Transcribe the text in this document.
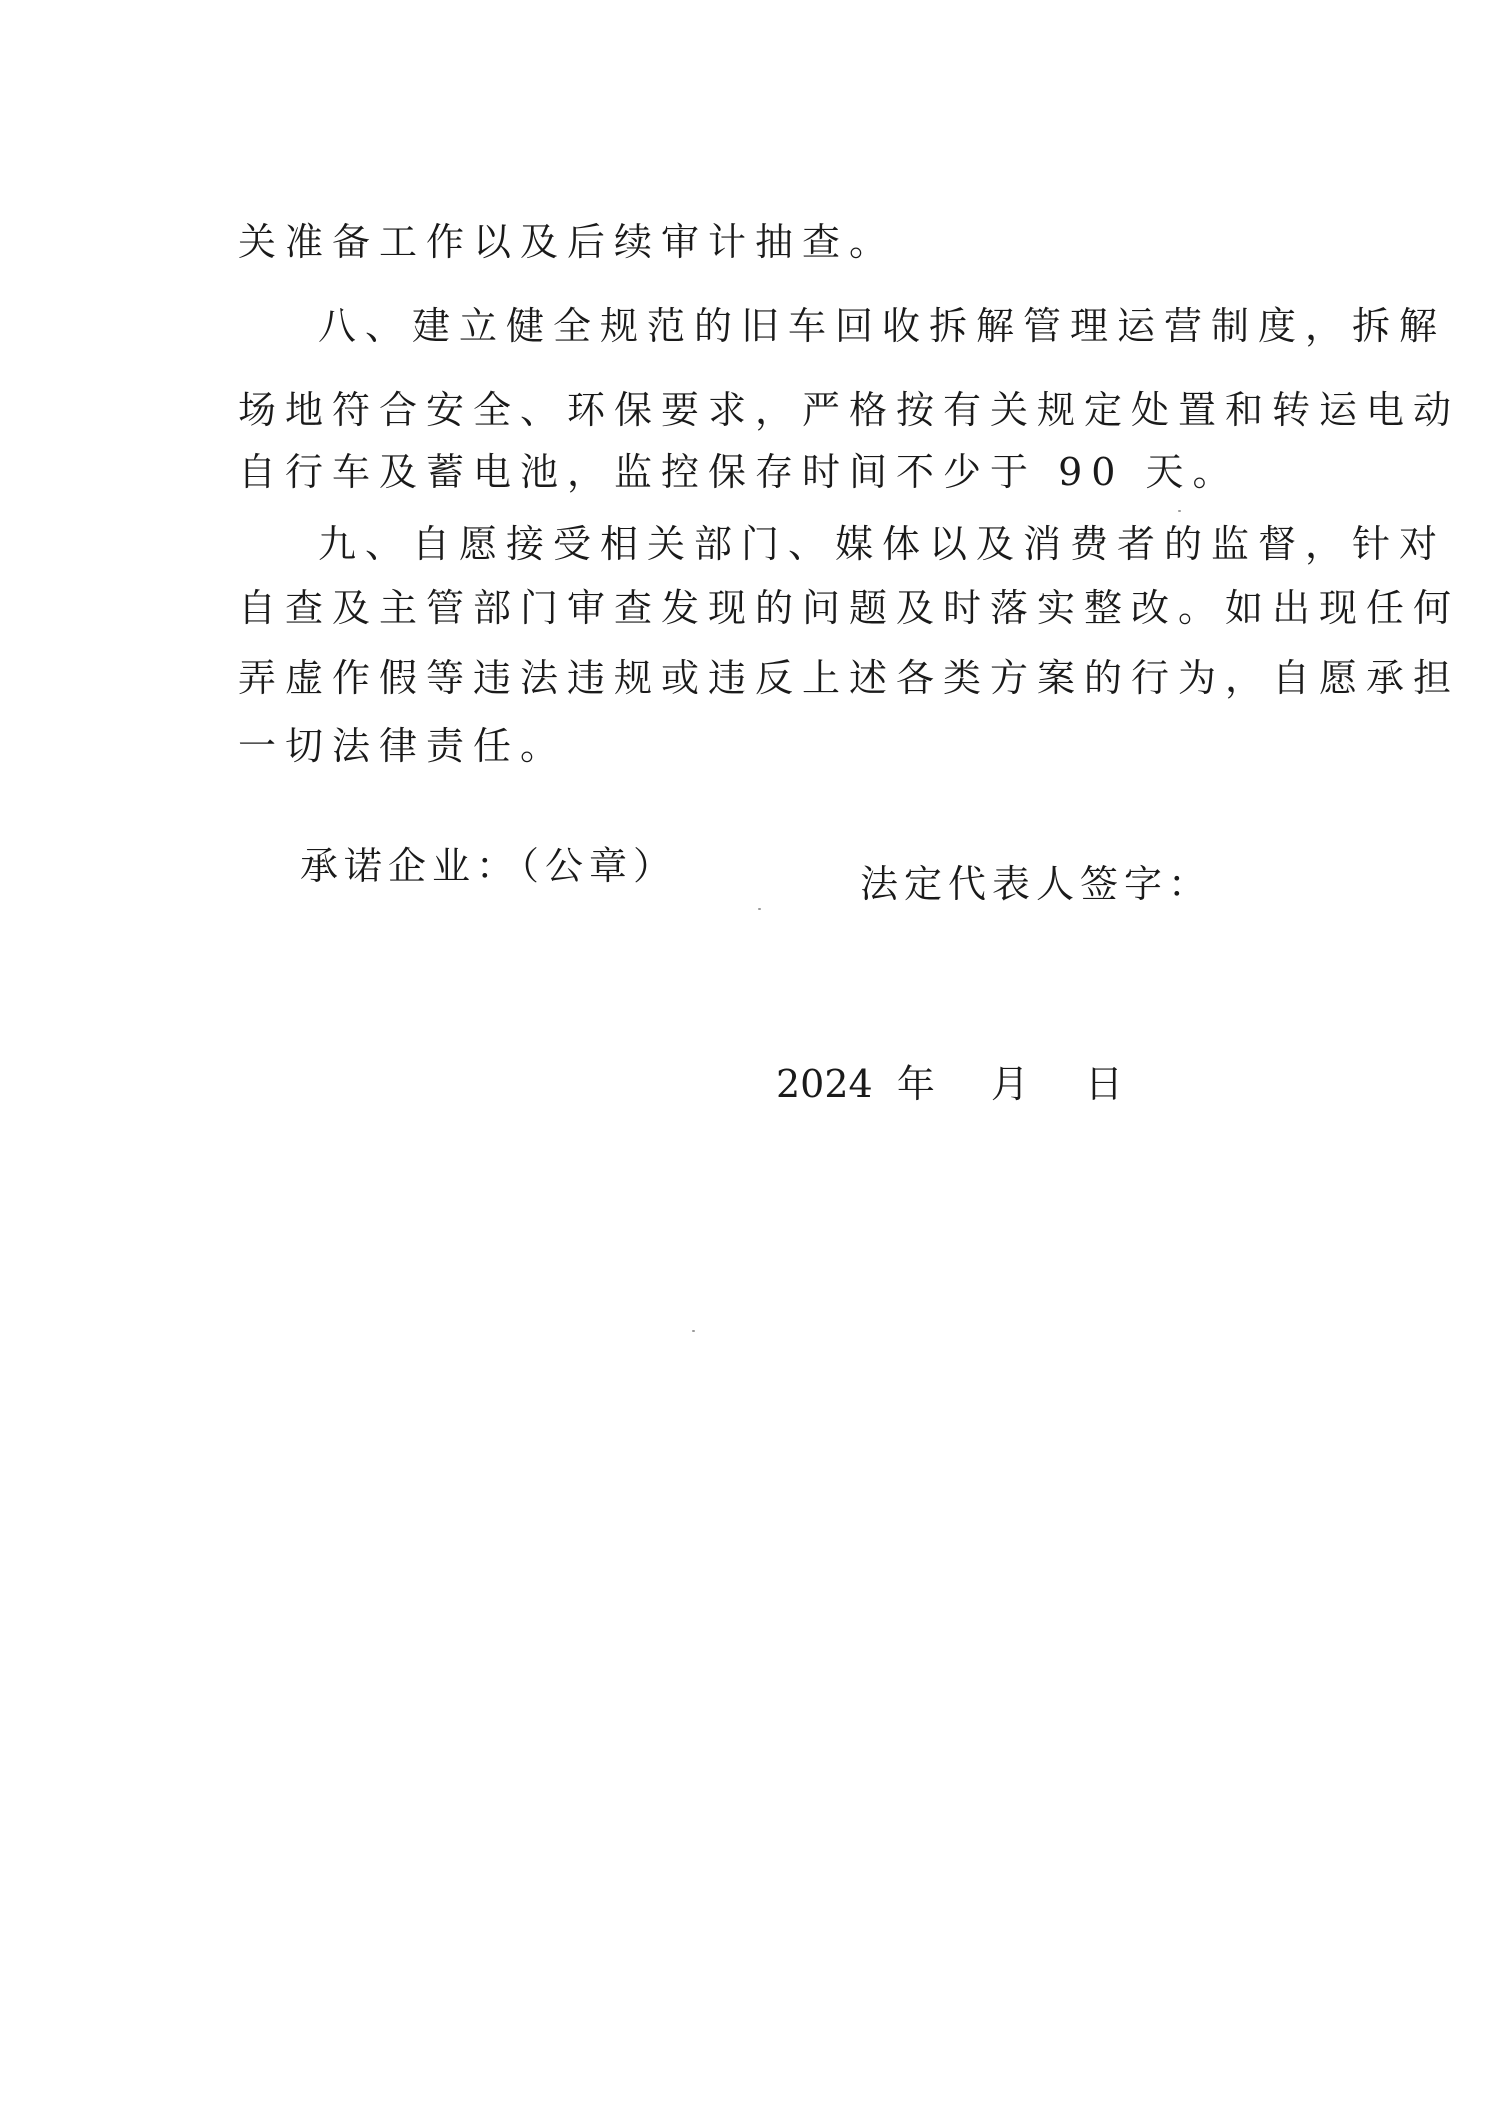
关准备工作以及后续审计抽查。
八、建立健全规范的旧车回收拆解管理运营制度，拆解
场地符合安全、环保要求，严格按有关规定处置和转运电动
自行车及蓄电池，监控保存时间不少于 90 天。
九、自愿接受相关部门、媒体以及消费者的监督，针对
自查及主管部门审查发现的问题及时落实整改。如出现任何
弄虚作假等违法违规或违反上述各类方案的行为，自愿承担
一切法律责任。
承诺企业：（公章）	法定代表人签字：
2024 年 月 日
